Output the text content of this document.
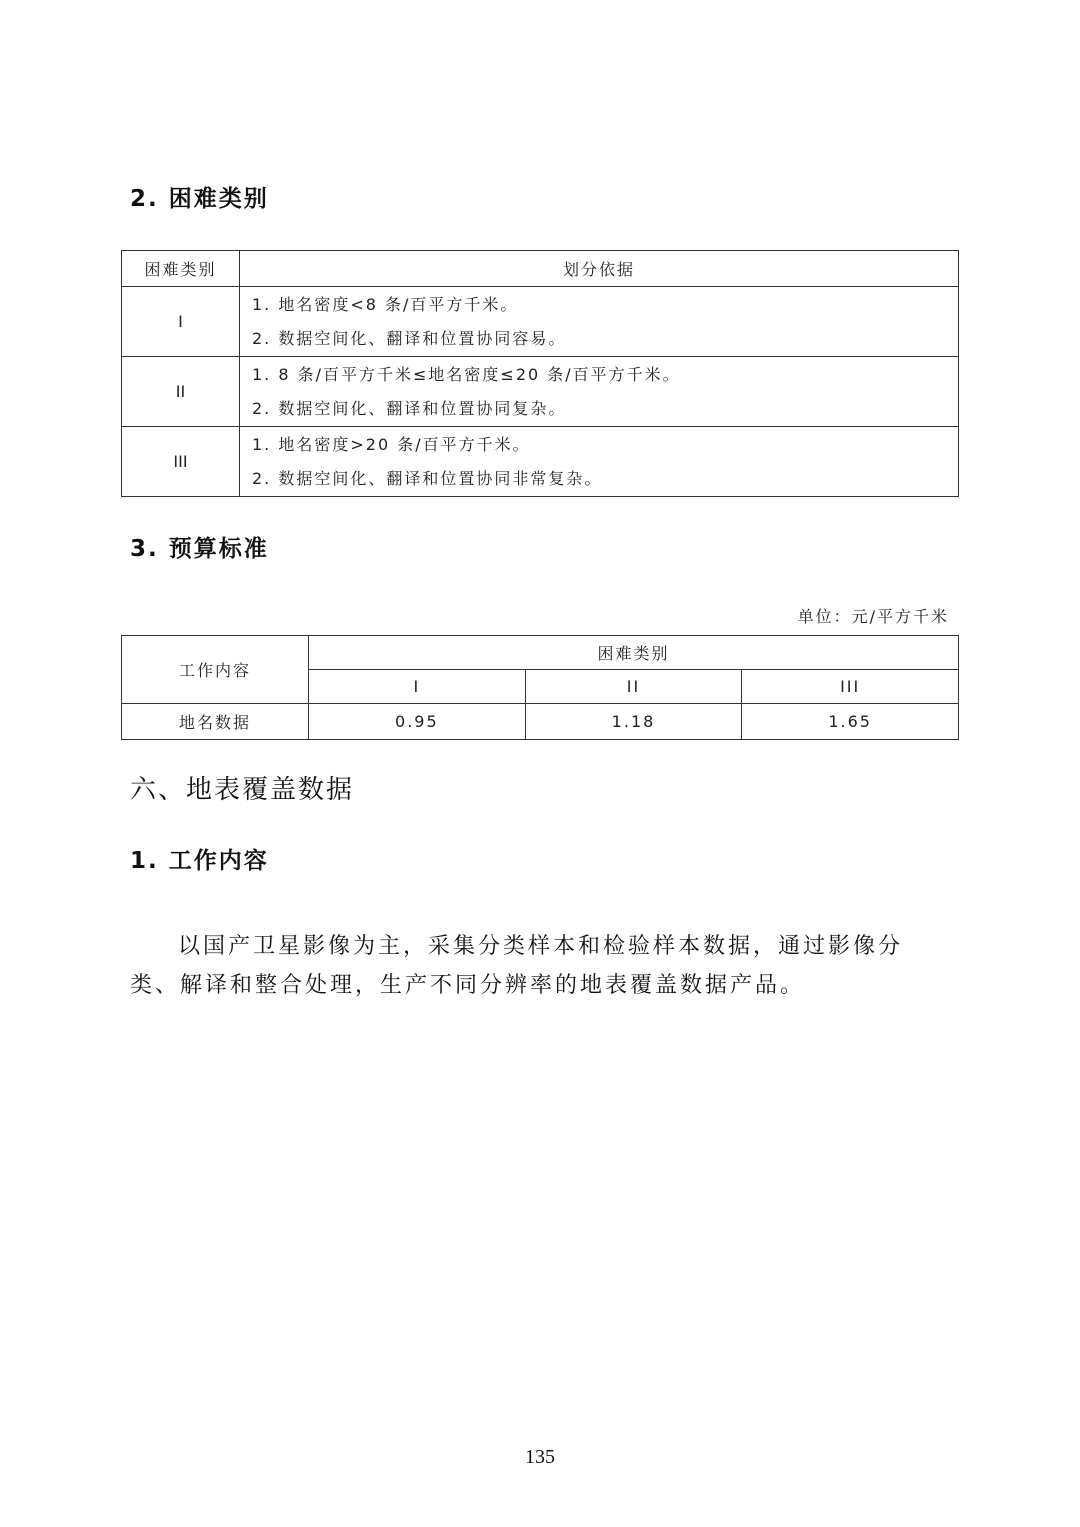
2. 困难类别
困难类别	划分依据
I	1. 地名密度<8 条/百平方千米。
2. 数据空间化、翻译和位置协同容易。

II	1. 8 条/百平方千米≤地名密度≤20 条/百平方千米。
2. 数据空间化、翻译和位置协同复杂。

III	1. 地名密度>20 条/百平方千米。
2. 数据空间化、翻译和位置协同非常复杂。
3. 预算标准
单位：元/平方千米
工作内容	困难类别		
	I	II	III
地名数据	0.95	1.18	1.65
六、地表覆盖数据
1. 工作内容

以国产卫星影像为主，采集分类样本和检验样本数据，通过影像分类、解译和整合处理，生产不同分辨率的地表覆盖数据产品。

135
